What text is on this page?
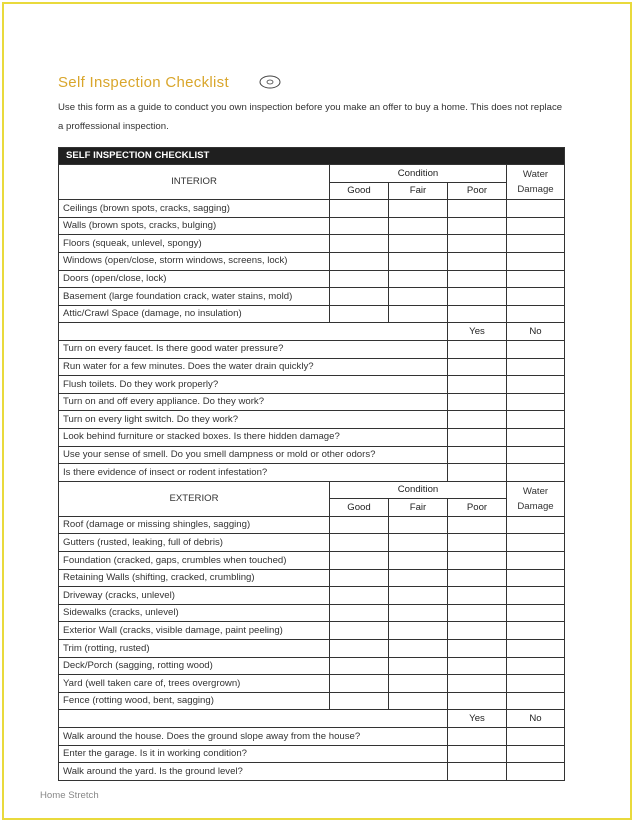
Self Inspection Checklist
Use this form as a guide to conduct you own inspection before you make an offer to buy a home. This does not replace a proffessional inspection.
SELF INSPECTION CHECKLIST				
INTERIOR	Condition			Water
Damage
	Good	Fair	Poor	
Ceilings (brown spots, cracks, sagging)				
Walls (brown spots, cracks, bulging)				
Floors (squeak, unlevel, spongy)				
Windows (open/close, storm windows, screens, lock)				
Doors (open/close, lock)				
Basement (large foundation crack, water stains, mold)				
Attic/Crawl Space (damage, no insulation)				
			Yes	No
Turn on every faucet. Is there good water pressure?				
Run water for a few minutes. Does the water drain quickly?				
Flush toilets. Do they work properly?				
Turn on and off every appliance. Do they work?				
Turn on every light switch. Do they work?				
Look behind furniture or stacked boxes. Is there hidden damage?				
Use your sense of smell. Do you smell dampness or mold or other odors?				
Is there evidence of insect or rodent infestation?				
EXTERIOR	Condition			Water
Damage
	Good	Fair	Poor	
Roof (damage or missing shingles, sagging)				
Gutters (rusted, leaking, full of debris)				
Foundation (cracked, gaps, crumbles when touched)				
Retaining Walls (shifting, cracked, crumbling)				
Driveway (cracks, unlevel)				
Sidewalks (cracks, unlevel)				
Exterior Wall (cracks, visible damage, paint peeling)				
Trim (rotting, rusted)				
Deck/Porch (sagging, rotting wood)				
Yard (well taken care of, trees overgrown)				
Fence (rotting wood, bent, sagging)				
			Yes	No
Walk around the house. Does the ground slope away from the house?				
Enter the garage. Is it in working condition?				
Walk around the yard. Is the ground level?				
Home Stretch
